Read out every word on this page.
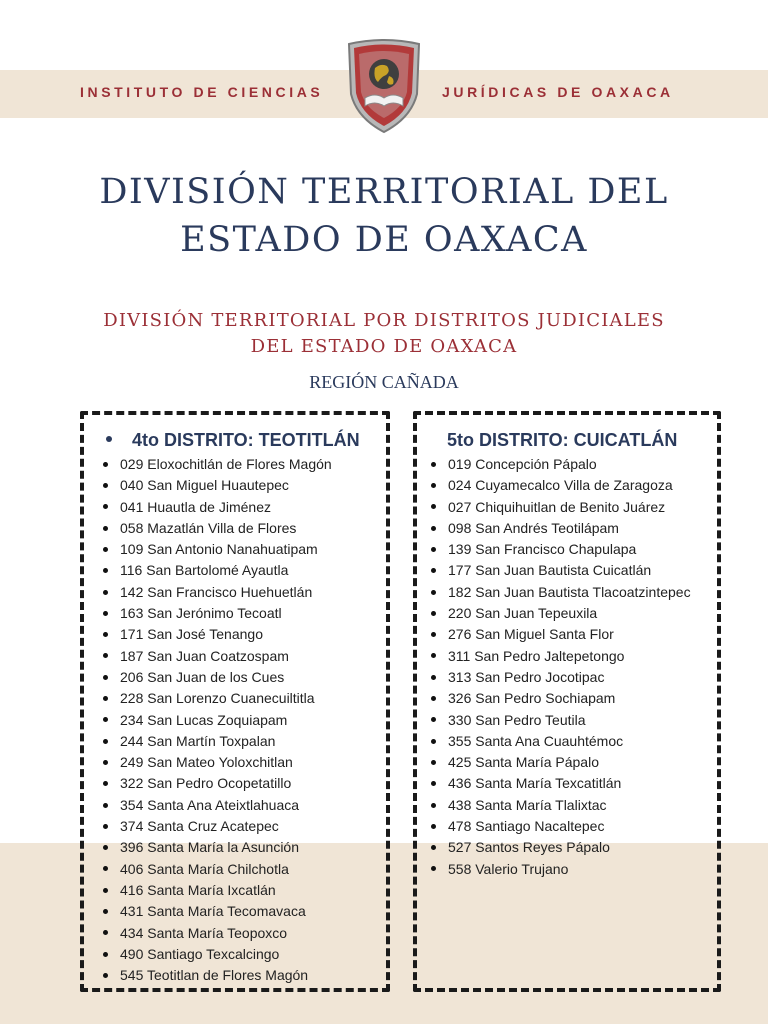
INSTITUTO DE CIENCIAS	JURÍDICAS DE OAXACA
DIVISIÓN TERRITORIAL DEL
ESTADO DE OAXACA
DIVISIÓN TERRITORIAL POR DISTRITOS JUDICIALES
DEL ESTADO DE OAXACA
REGIÓN CAÑADA
4to DISTRITO: TEOTITLÁN	5to DISTRITO: CUICATLÁN
029 Eloxochitlán de Flores Magón
040 San Miguel Huautepec
041 Huautla de Jiménez
058 Mazatlán Villa de Flores
109 San Antonio Nanahuatipam
116 San Bartolomé Ayautla
142 San Francisco Huehuetlán
163 San Jerónimo Tecoatl
171 San José Tenango
187 San Juan Coatzospam
206 San Juan de los Cues
228 San Lorenzo Cuanecuiltitla
234 San Lucas Zoquiapam
244 San Martín Toxpalan
249 San Mateo Yoloxchitlan
322 San Pedro Ocopetatillo
354 Santa Ana Ateixtlahuaca
374 Santa Cruz Acatepec
396 Santa María la Asunción
406 Santa María Chilchotla
416 Santa María Ixcatlán
431 Santa María Tecomavaca
434 Santa María Teopoxco
490 Santiago Texcalcingo
545 Teotitlan de Flores Magón
019 Concepción Pápalo
024 Cuyamecalco Villa de Zaragoza
027 Chiquihuitlan de Benito Juárez
098 San Andrés Teotilápam
139 San Francisco Chapulapa
177 San Juan Bautista Cuicatlán
182 San Juan Bautista Tlacoatzintepec
220 San Juan Tepeuxila
276 San Miguel Santa Flor
311 San Pedro Jaltepetongo
313 San Pedro Jocotipac
326 San Pedro Sochiapam
330 San Pedro Teutila
355 Santa Ana Cuauhtémoc
425 Santa María Pápalo
436 Santa María Texcatitlán
438 Santa María Tlalixtac
478 Santiago Nacaltepec
527 Santos Reyes Pápalo
558 Valerio Trujano
